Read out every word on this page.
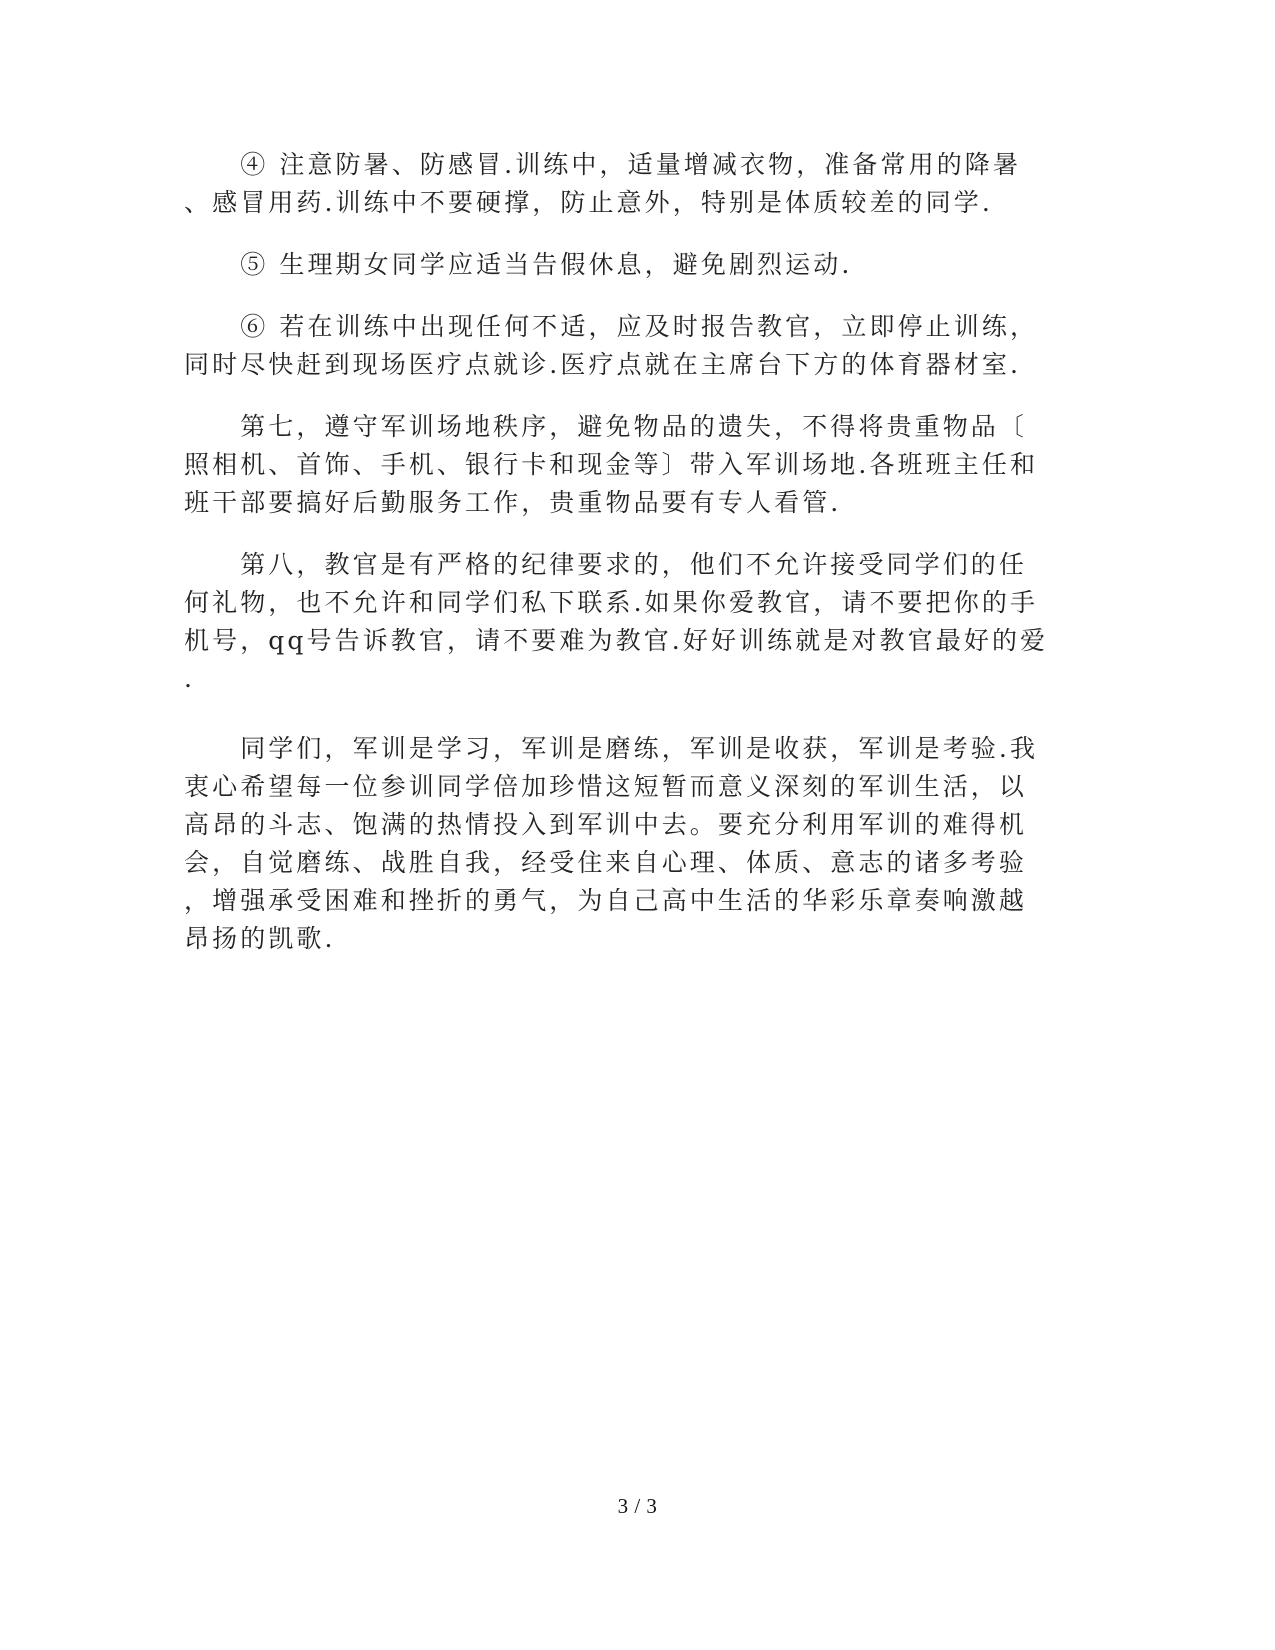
　　④ 注意防暑、防感冒.训练中，适量增减衣物，准备常用的降暑
、感冒用药.训练中不要硬撑，防止意外，特别是体质较差的同学.
　　⑤ 生理期女同学应适当告假休息，避免剧烈运动.
　　⑥ 若在训练中出现任何不适，应及时报告教官，立即停止训练，
同时尽快赶到现场医疗点就诊.医疗点就在主席台下方的体育器材室.
　　第七，遵守军训场地秩序，避免物品的遗失，不得将贵重物品〔
照相机、首饰、手机、银行卡和现金等〕带入军训场地.各班班主任和
班干部要搞好后勤服务工作，贵重物品要有专人看管.
　　第八，教官是有严格的纪律要求的，他们不允许接受同学们的任
何礼物，也不允许和同学们私下联系.如果你爱教官，请不要把你的手
机号，qq号告诉教官，请不要难为教官.好好训练就是对教官最好的爱
.
　　同学们，军训是学习，军训是磨练，军训是收获，军训是考验.我
衷心希望每一位参训同学倍加珍惜这短暂而意义深刻的军训生活，以
高昂的斗志、饱满的热情投入到军训中去。要充分利用军训的难得机
会，自觉磨练、战胜自我，经受住来自心理、体质、意志的诸多考验
，增强承受困难和挫折的勇气，为自己高中生活的华彩乐章奏响激越
昂扬的凯歌.
3 / 3
